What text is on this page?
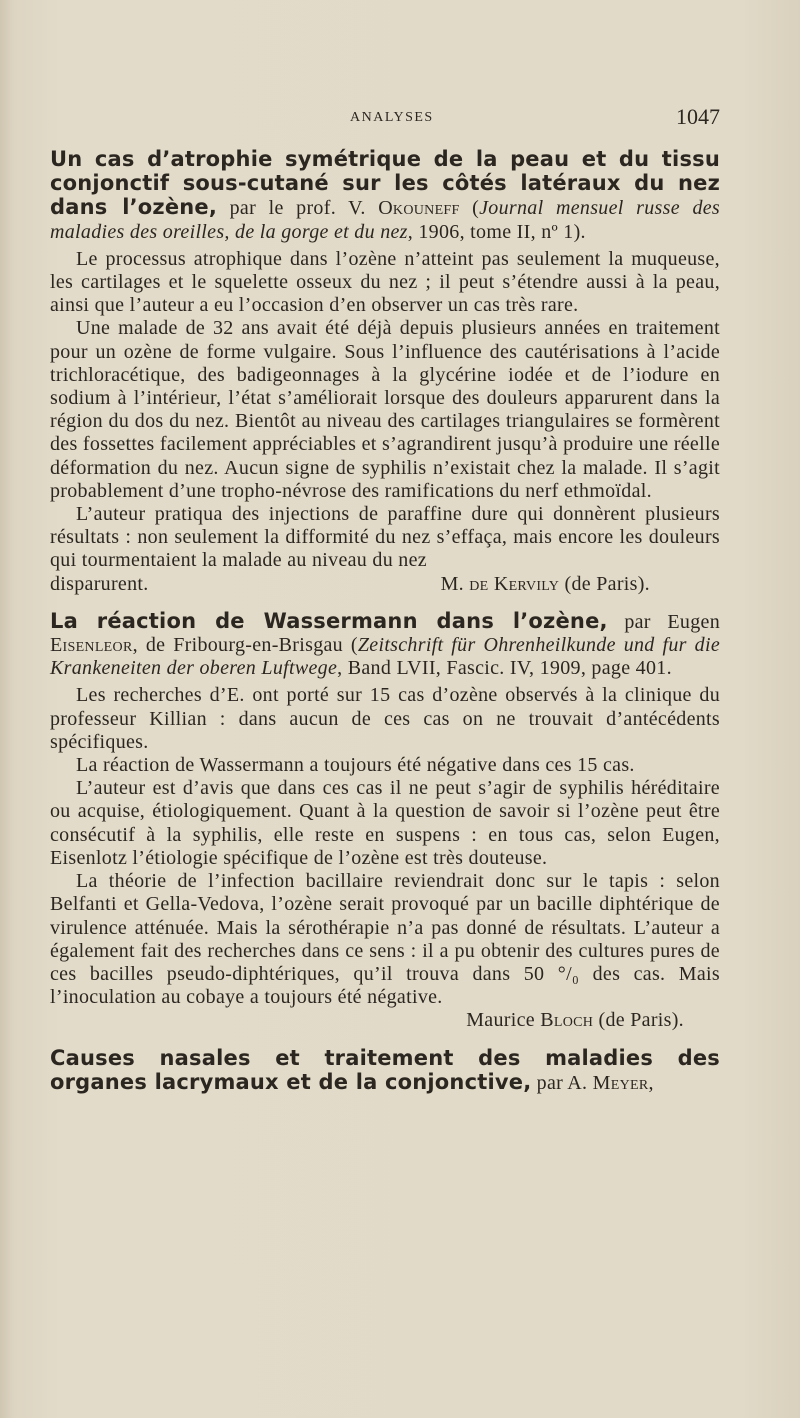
ANALYSES	1047

Un cas d’atrophie symétrique de la peau et du tissu conjonctif sous-cutané sur les côtés latéraux du nez dans l’ozène, par le prof. V. Okouneff (Journal mensuel russe des maladies des oreilles, de la gorge et du nez, 1906, tome II, nº 1).

Le processus atrophique dans l’ozène n’atteint pas seulement la muqueuse, les cartilages et le squelette osseux du nez ; il peut s’étendre aussi à la peau, ainsi que l’auteur a eu l’occasion d’en observer un cas très rare.

Une malade de 32 ans avait été déjà depuis plusieurs années en traitement pour un ozène de forme vulgaire. Sous l’influence des cautérisations à l’acide trichloracétique, des badigeonnages à la glycérine iodée et de l’iodure en sodium à l’intérieur, l’état s’améliorait lorsque des douleurs apparurent dans la région du dos du nez. Bientôt au niveau des cartilages triangulaires se formèrent des fossettes facilement appréciables et s’agrandirent jusqu’à produire une réelle déformation du nez. Aucun signe de syphilis n’existait chez la malade. Il s’agit probablement d’une tropho-névrose des ramifications du nerf ethmoïdal.

L’auteur pratiqua des injections de paraffine dure qui donnèrent plusieurs résultats : non seulement la difformité du nez s’effaça, mais encore les douleurs qui tourmentaient la malade au niveau du nez

disparurent.	M. de Kervily (de Paris).

La réaction de Wassermann dans l’ozène, par Eugen Eisenleor, de Fribourg-en-Brisgau (Zeitschrift für Ohrenheilkunde und fur die Krankeneiten der oberen Luftwege, Band LVII, Fascic. IV, 1909, page 401.

Les recherches d’E. ont porté sur 15 cas d’ozène observés à la clinique du professeur Killian : dans aucun de ces cas on ne trouvait d’antécédents spécifiques.

La réaction de Wassermann a toujours été négative dans ces 15 cas.

L’auteur est d’avis que dans ces cas il ne peut s’agir de syphilis héréditaire ou acquise, étiologiquement. Quant à la question de savoir si l’ozène peut être consécutif à la syphilis, elle reste en suspens : en tous cas, selon Eugen, Eisenlotz l’étiologie spécifique de l’ozène est très douteuse.

La théorie de l’infection bacillaire reviendrait donc sur le tapis : selon Belfanti et Gella-Vedova, l’ozène serait provoqué par un bacille diphtérique de virulence atténuée. Mais la sérothérapie n’a pas donné de résultats. L’auteur a également fait des recherches dans ce sens : il a pu obtenir des cultures pures de ces bacilles pseudo-diphtériques, qu’il trouva dans 50 °/₀ des cas. Mais l’inoculation au cobaye a toujours été négative.

Maurice Bloch (de Paris).

Causes nasales et traitement des maladies des organes lacrymaux et de la conjonctive, par A. Meyer,
